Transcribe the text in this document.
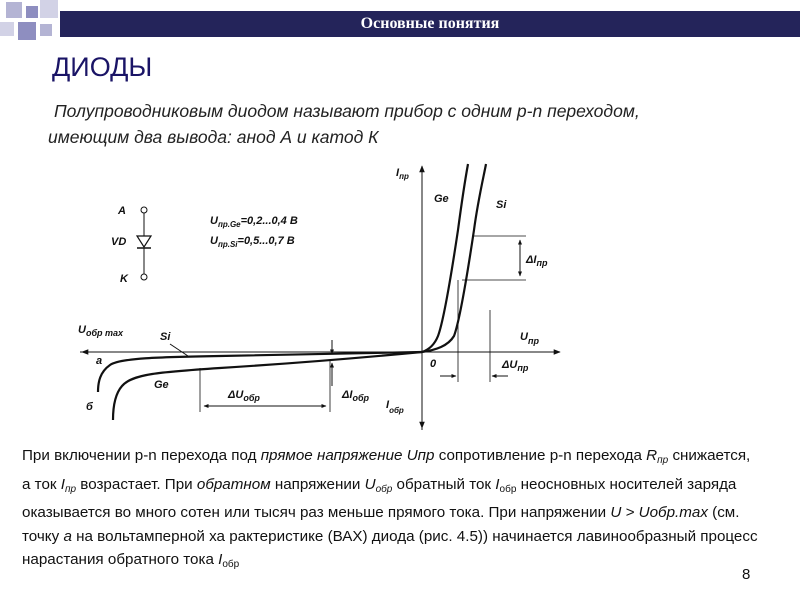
Основные понятия
ДИОДЫ
Полупроводниковым диодом называют прибор с одним p-n переходом,
имеющим два вывода: анод А и катод К
A
VD
K
$U_{пр.Ge}=0,2...0,4$ В
$U_{пр.Si}=0,5...0,7$ В
$I_{пр}$
$I_{обр}$
$U_{пр}$
$U_{обр max}$
0
Ge	Si
Si
Ge
а
б
$\Delta I_{пр}$
$\Delta U_{пр}$
$\Delta U_{обр}$	$\Delta I_{обр}$
При включении p-n перехода под прямое напряжение Uпр сопротивление p-n перехода $R_{пр}$ снижается, а ток $I_{пр}$ возрастает. При обратном напряжении $U_{обр}$ обратный ток $I_{обр}$ неосновных носителей заряда оказывается во много сотен или тысяч раз меньше прямого тока. При напряжении U > Uобр.max (см. точку а на вольтамперной ха рактеристике (ВАХ) диода (рис. 4.5)) начинается лавинообразный процесс нарастания обратного тока $I_{обр}$
8
